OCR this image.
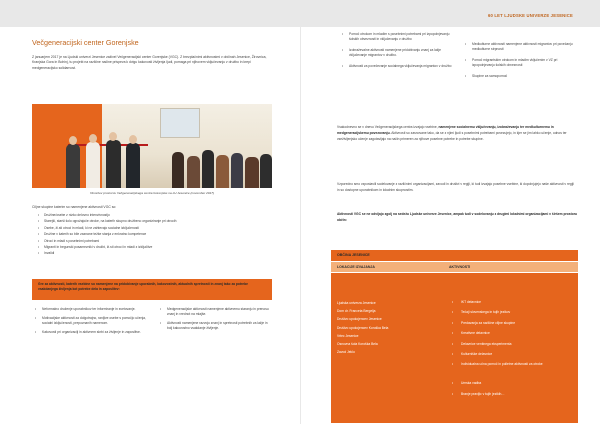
Večgeneracijski center Gorenjske

Z januarjem 2017 je na Ljudski univerzi Jesenice zaživel Večgeneracijski center Gorenjske (VGC). Z brezplačnimi aktivnostmi v občinah Jesenice, Žirovnica, Kranjska Gora in Bohinj, tu projekt na različne načine prispeva k dvigu kakovosti življenja ljudi, pomaga pri njihovem vključevanju v družbo in krepi medgeneracijsko solidarnost.

Otvoritev prostorov Večgeneracijskega centra Gorenjske na LU Jesenice (november 2017)
Ciljne skupine katerim so namenjene aktivnosti VGC so:
• Družine/osebe z nizko delovno intenzivnostjo
• Starejši, starši šolo ogrožajoče otroke, na katerih skupno družbeno organiziranje pri otrocih
• Osebe, ži.sti otroci in mladi, ki ne zahtevajo socialne izključenosti
• Družine v katerih so bile zaznane težke stanja z enkratno kompetence
• Otroci in mladi s posebnimi potrebami
• Migranti in begunski posamezniki v družbi, ži.sti otroci in mladi z izključitve
• Invalidi

Gre za aktivnosti, katerih vsebine so namenjene na pridobivanje uporabnih, kakovostnih, aktualnih spretnosti in znanj tako za potrebe vsakdanjega življenja kot potrebe dela in zaposlitev:

• Neformalno druženje uporabnikov ter informiranje in svetovanje.
• Motivacijske aktivnosti za dolgotrajno, ranljive osebe s pomočjo učenja, socialni izključenosti, prepoznanih namenom.
• Kakovosti pri organizaciji in aktivnem skrbi za življenje in zaposlitve.
• Medgeneracijske aktivnosti namenjene aktivnemu staranju in prenosu znanj in vrednot na mlajše.
• Aktivnosti namenjene razvoju znanj in spretnosti potrebnih za lažje in bolj kakovostno vsakdanje življenje.
60 LET LJUDSKE UNIVERZE JESENICE
• Pomoč otrokom in mladim s posebnimi potrebami pri izpopolnjevanju šolskih obveznosti in vključevanju v družbo
• Izobraževalne aktivnosti namenjene pridobivanju znanj za lažje vključevanje migrantov v družbo.
• Aktivnosti za povečevanje socialnega vključevanja migrantov v družbo
• Medkulturne aktivnosti namenjene aktivnosti migrantov pri povečanju medkulturne strpnosti
• Pomoč migrantskim otrokom in mladim vključenim v VZ pri izpopolnjevanju šolskih obveznosti
• Skupine za samopomoč

Vsakodnevno se v dnevu Večgeneracijskega centra izvajajo vsebine, namenjene socialnemu vključevanju, izobraževanju ter medkulturnemu in medgeneracijskemu povezovanju. Aktivnosti so zasnovane tako, da se z njimi ljudi s posebnimi potrebami povezujejo, in kjer se jim lahko učenje, odnos ter vseživljenjsko učenje zagotavljajo na način primeren za njihove posebne potrebe in potrebe skupine.

Vzporedno smo vzpostavili sodelovanje z različnimi organizacijami, zavodi in društvi v regiji, ki tudi izvajajo posebne vsebine, ki dopolnjujejo naše aktivnosti v regiji in so dostopne uporabnikom in lokalnim skupnostim.

Aktivnosti VGC se ne odvijajo zgolj na sedežu Ljudske univerze Jesenice, ampak tudi v sodelovanju z drugimi lokalnimi organizacijami v širšem prostoru občin:

OBČINA JESENICE
LOKACIJE IZVAJANJA	AKTIVNOSTI
Ljudska univerza Jesenice
Dom dr. Franceta Bergelja
Društvo upokojencev Jesenice
Društvo upokojencev Koroška Bela
Vrtec Jesenice
Osnovna šola Koroška Bela
Zavod Jeklo
• IKT delavnice
• Tečaji slovenskega in tujih jezikov
• Predavanja za različne ciljne skupine
• Kreativne delavnice
• Delavnice ventinega eksperimenta
• Kulturniške delavnice
• Individualna učna pomoč in polletne aktivnosti za otroke
• Umska vadba
• Branje pravljic v tujih jezikih…
